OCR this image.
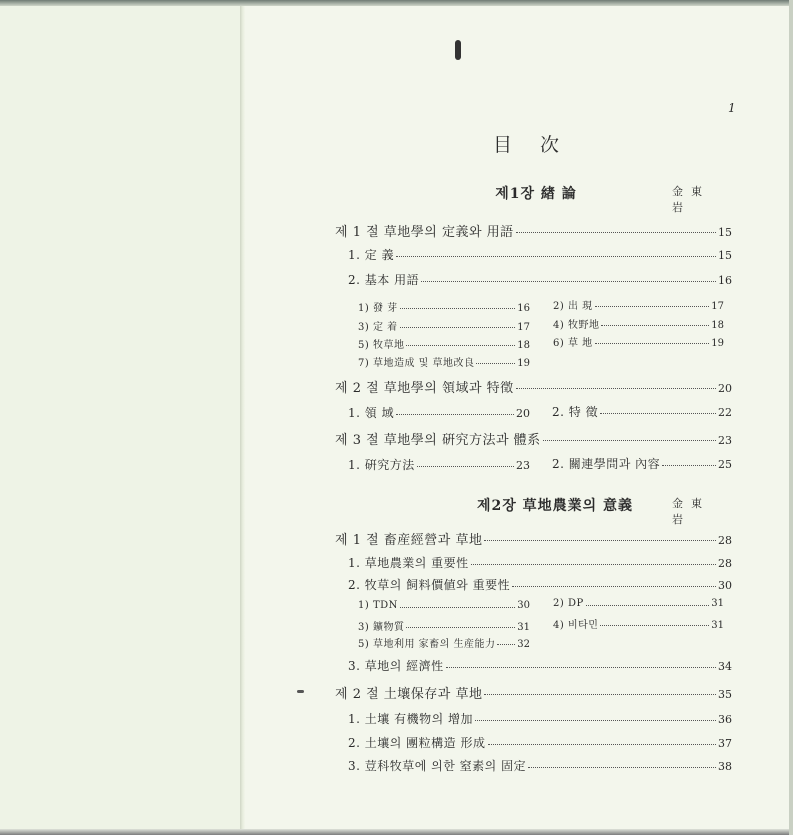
1
目次
제1장 緖 論	金東岩
제 1 절 草地學의 定義와 用語	15
1. 定 義	15
2. 基本 用語	16
1) 發 芽	16 2) 出 現	17
3) 定 着	17 4) 牧野地	18
5) 牧草地	18 6) 草 地	19
7) 草地造成 및 草地改良	19
제 2 절 草地學의 領域과 特徵	20
1. 領 域	20 2. 特 徵	22
제 3 절 草地學의 硏究方法과 體系	23
1. 硏究方法	23 2. 關連學問과 內容	25
제2장 草地農業의 意義	金東岩
제 1 절 畜産經營과 草地	28
1. 草地農業의 重要性	28
2. 牧草의 飼料價値와 重要性	30
1) TDN	30 2) DP	31
3) 鑛物質	31 4) 비타민	31
5) 草地利用 家畜의 生産能力 32
3. 草地의 經濟性	34
제 2 절 土壤保存과 草地	35
1. 土壤 有機物의 增加	36
2. 土壤의 團粒構造 形成	37
3. 荳科牧草에 의한 窒素의 固定	38
